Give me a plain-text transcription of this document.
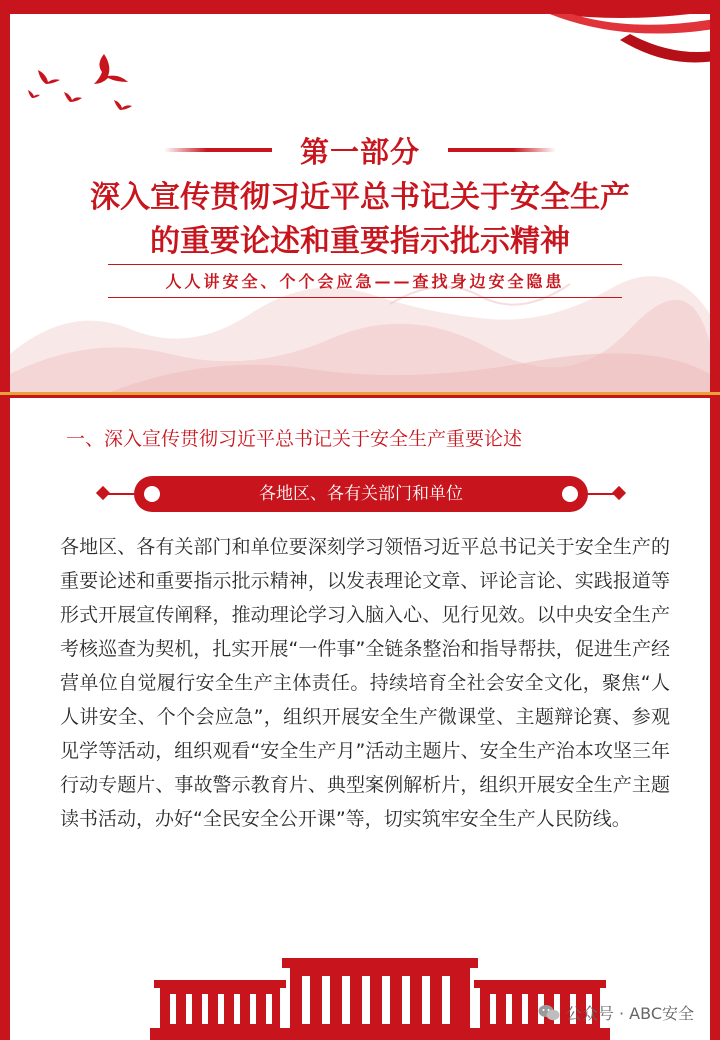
第一部分
深入宣传贯彻习近平总书记关于安全生产
的重要论述和重要指示批示精神
人人讲安全、个个会应急——查找身边安全隐患
一、深入宣传贯彻习近平总书记关于安全生产重要论述
各地区、各有关部门和单位
各地区、各有关部门和单位要深刻学习领悟习近平总书记关于安全生产的重要论述和重要指示批示精神，以发表理论文章、评论言论、实践报道等形式开展宣传阐释，推动理论学习入脑入心、见行见效。以中央安全生产考核巡查为契机，扎实开展“一件事”全链条整治和指导帮扶，促进生产经营单位自觉履行安全生产主体责任。持续培育全社会安全文化，聚焦“人人讲安全、个个会应急”，组织开展安全生产微课堂、主题辩论赛、参观见学等活动，组织观看“安全生产月”活动主题片、安全生产治本攻坚三年行动专题片、事故警示教育片、典型案例解析片，组织开展安全生产主题读书活动，办好“全民安全公开课”等，切实筑牢安全生产人民防线。
公众号 · ABC安全
